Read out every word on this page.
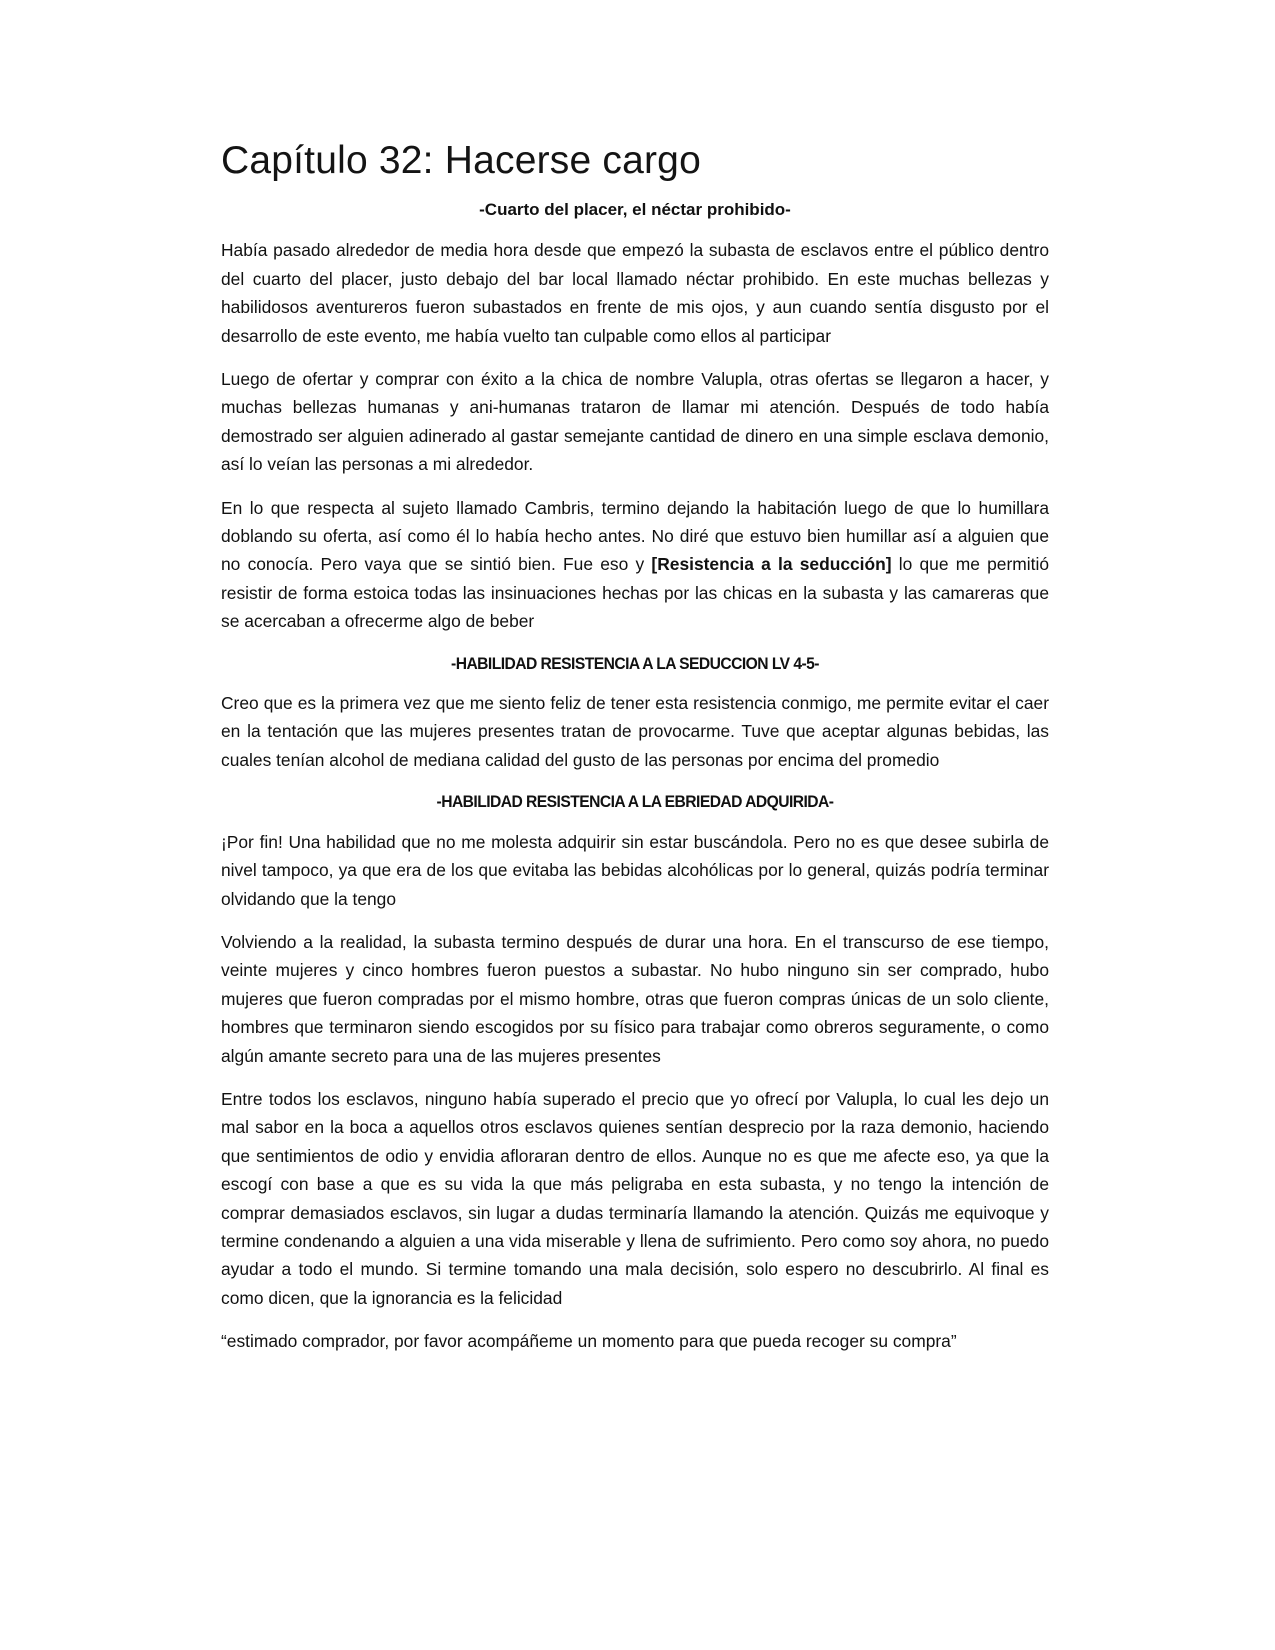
Capítulo 32: Hacerse cargo
-Cuarto del placer, el néctar prohibido-

Había pasado alrededor de media hora desde que empezó la subasta de esclavos entre el público dentro del cuarto del placer, justo debajo del bar local llamado néctar prohibido. En este muchas bellezas y habilidosos aventureros fueron subastados en frente de mis ojos, y aun cuando sentía disgusto por el desarrollo de este evento, me había vuelto tan culpable como ellos al participar

Luego de ofertar y comprar con éxito a la chica de nombre Valupla, otras ofertas se llegaron a hacer, y muchas bellezas humanas y ani-humanas trataron de llamar mi atención. Después de todo había demostrado ser alguien adinerado al gastar semejante cantidad de dinero en una simple esclava demonio, así lo veían las personas a mi alrededor.

En lo que respecta al sujeto llamado Cambris, termino dejando la habitación luego de que lo humillara doblando su oferta, así como él lo había hecho antes. No diré que estuvo bien humillar así a alguien que no conocía. Pero vaya que se sintió bien. Fue eso y [Resistencia a la seducción] lo que me permitió resistir de forma estoica todas las insinuaciones hechas por las chicas en la subasta y las camareras que se acercaban a ofrecerme algo de beber

-HABILIDAD RESISTENCIA A LA SEDUCCION LV 4-5-

Creo que es la primera vez que me siento feliz de tener esta resistencia conmigo, me permite evitar el caer en la tentación que las mujeres presentes tratan de provocarme. Tuve que aceptar algunas bebidas, las cuales tenían alcohol de mediana calidad del gusto de las personas por encima del promedio

-HABILIDAD RESISTENCIA A LA EBRIEDAD ADQUIRIDA-

¡Por fin! Una habilidad que no me molesta adquirir sin estar buscándola. Pero no es que desee subirla de nivel tampoco, ya que era de los que evitaba las bebidas alcohólicas por lo general, quizás podría terminar olvidando que la tengo

Volviendo a la realidad, la subasta termino después de durar una hora. En el transcurso de ese tiempo, veinte mujeres y cinco hombres fueron puestos a subastar. No hubo ninguno sin ser comprado, hubo mujeres que fueron compradas por el mismo hombre, otras que fueron compras únicas de un solo cliente, hombres que terminaron siendo escogidos por su físico para trabajar como obreros seguramente, o como algún amante secreto para una de las mujeres presentes

Entre todos los esclavos, ninguno había superado el precio que yo ofrecí por Valupla, lo cual les dejo un mal sabor en la boca a aquellos otros esclavos quienes sentían desprecio por la raza demonio, haciendo que sentimientos de odio y envidia afloraran dentro de ellos. Aunque no es que me afecte eso, ya que la escogí con base a que es su vida la que más peligraba en esta subasta, y no tengo la intención de comprar demasiados esclavos, sin lugar a dudas terminaría llamando la atención. Quizás me equivoque y termine condenando a alguien a una vida miserable y llena de sufrimiento. Pero como soy ahora, no puedo ayudar a todo el mundo. Si termine tomando una mala decisión, solo espero no descubrirlo. Al final es como dicen, que la ignorancia es la felicidad

“estimado comprador, por favor acompáñeme un momento para que pueda recoger su compra”
